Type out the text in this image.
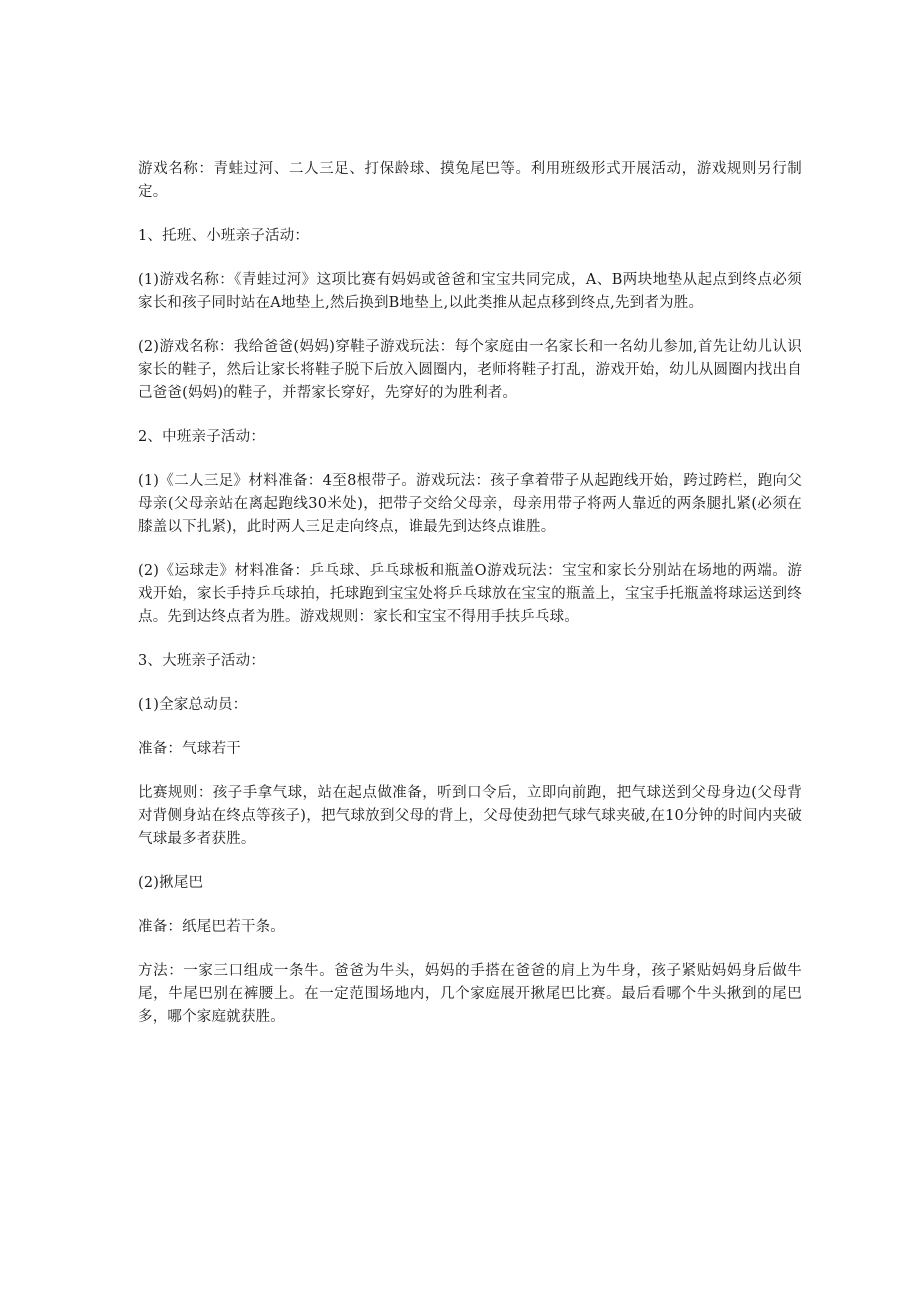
游戏名称：青蛙过河、二人三足、打保龄球、摸兔尾巴等。利用班级形式开展活动，游戏规则另行制定。

1、托班、小班亲子活动：

(1)游戏名称：《青蛙过河》这项比赛有妈妈或爸爸和宝宝共同完成，A、B两块地垫从起点到终点必须家长和孩子同时站在A地垫上,然后换到B地垫上,以此类推从起点移到终点,先到者为胜。

(2)游戏名称：我给爸爸(妈妈)穿鞋子游戏玩法：每个家庭由一名家长和一名幼儿参加,首先让幼儿认识家长的鞋子，然后让家长将鞋子脱下后放入圆圈内，老师将鞋子打乱，游戏开始，幼儿从圆圈内找出自己爸爸(妈妈)的鞋子，并帮家长穿好，先穿好的为胜利者。

2、中班亲子活动：

(1)《二人三足》材料准备：4至8根带子。游戏玩法：孩子拿着带子从起跑线开始，跨过跨栏，跑向父母亲(父母亲站在离起跑线30米处)，把带子交给父母亲，母亲用带子将两人靠近的两条腿扎紧(必须在膝盖以下扎紧)，此时两人三足走向终点，谁最先到达终点谁胜。

(2)《运球走》材料准备：乒乓球、乒乓球板和瓶盖O游戏玩法：宝宝和家长分别站在场地的两端。游戏开始，家长手持乒乓球拍，托球跑到宝宝处将乒乓球放在宝宝的瓶盖上，宝宝手托瓶盖将球运送到终点。先到达终点者为胜。游戏规则：家长和宝宝不得用手扶乒乓球。

3、大班亲子活动：

(1)全家总动员：

准备：气球若干

比赛规则：孩子手拿气球，站在起点做准备，听到口令后，立即向前跑，把气球送到父母身边(父母背对背侧身站在终点等孩子)，把气球放到父母的背上，父母使劲把气球气球夹破,在10分钟的时间内夹破气球最多者获胜。

(2)揪尾巴

准备：纸尾巴若干条。

方法：一家三口组成一条牛。爸爸为牛头，妈妈的手搭在爸爸的肩上为牛身，孩子紧贴妈妈身后做牛尾，牛尾巴别在裤腰上。在一定范围场地内，几个家庭展开揪尾巴比赛。最后看哪个牛头揪到的尾巴多，哪个家庭就获胜。
